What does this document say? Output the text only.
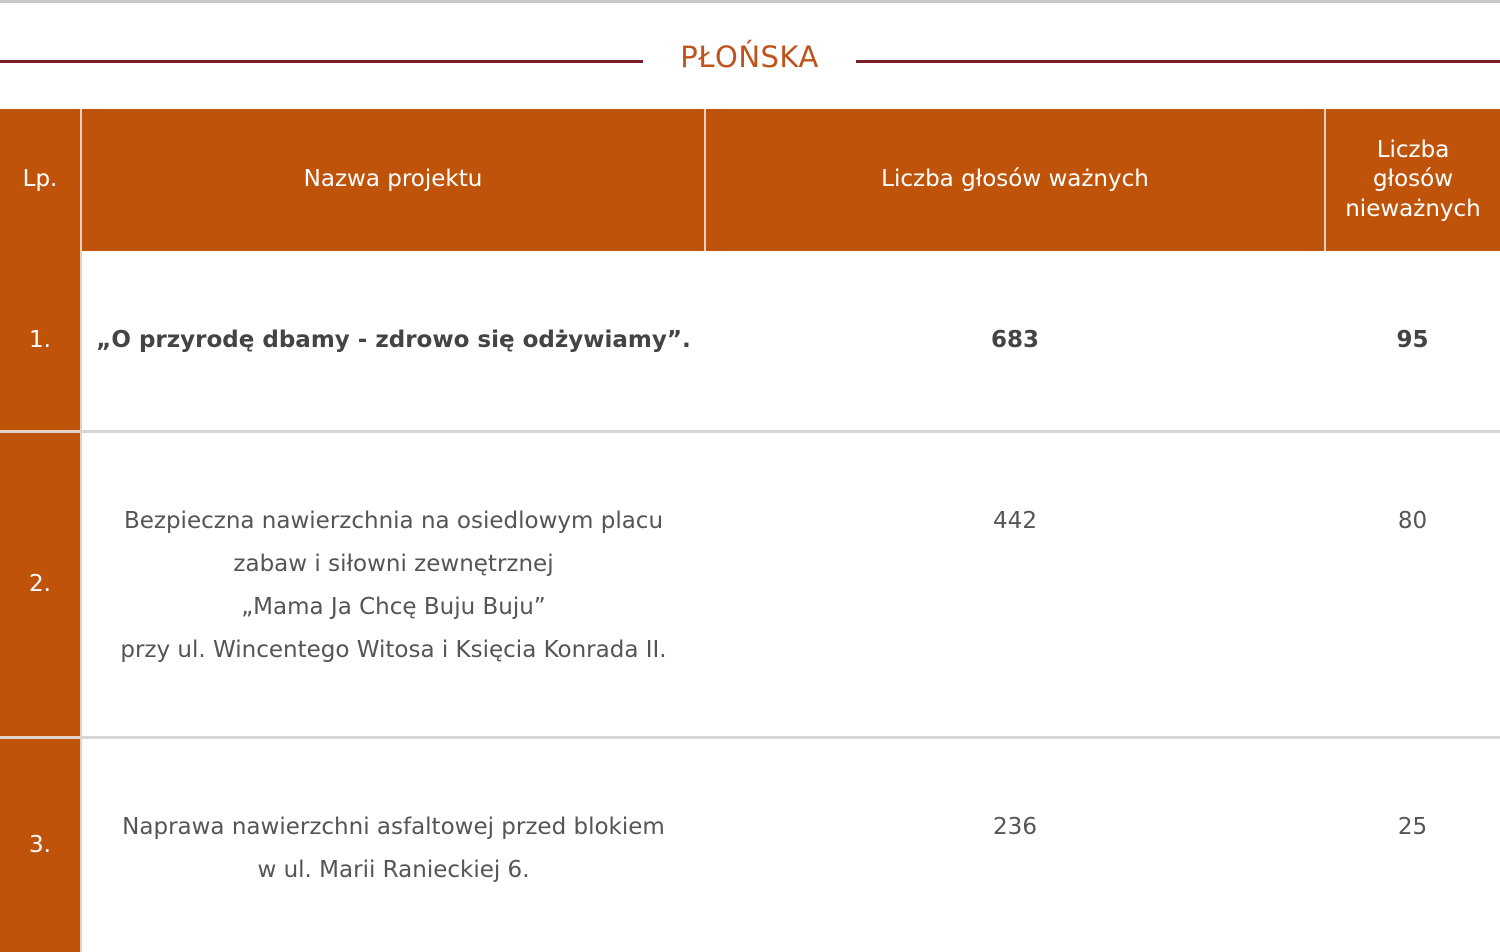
PŁOŃSKA
Lp.	Nazwa projektu	Liczba głosów ważnych	Liczba głosów nieważnych
1.	„O przyrodę dbamy - zdrowo się odżywiamy”.	683	95
2.	Bezpieczna nawierzchnia na osiedlowym placu
zabaw i siłowni zewnętrznej
„Mama Ja Chcę Buju Buju”
przy ul. Wincentego Witosa i Księcia Konrada II.	442	80
3.	Naprawa nawierzchni asfaltowej przed blokiem
w ul. Marii Ranieckiej 6.	236	25
